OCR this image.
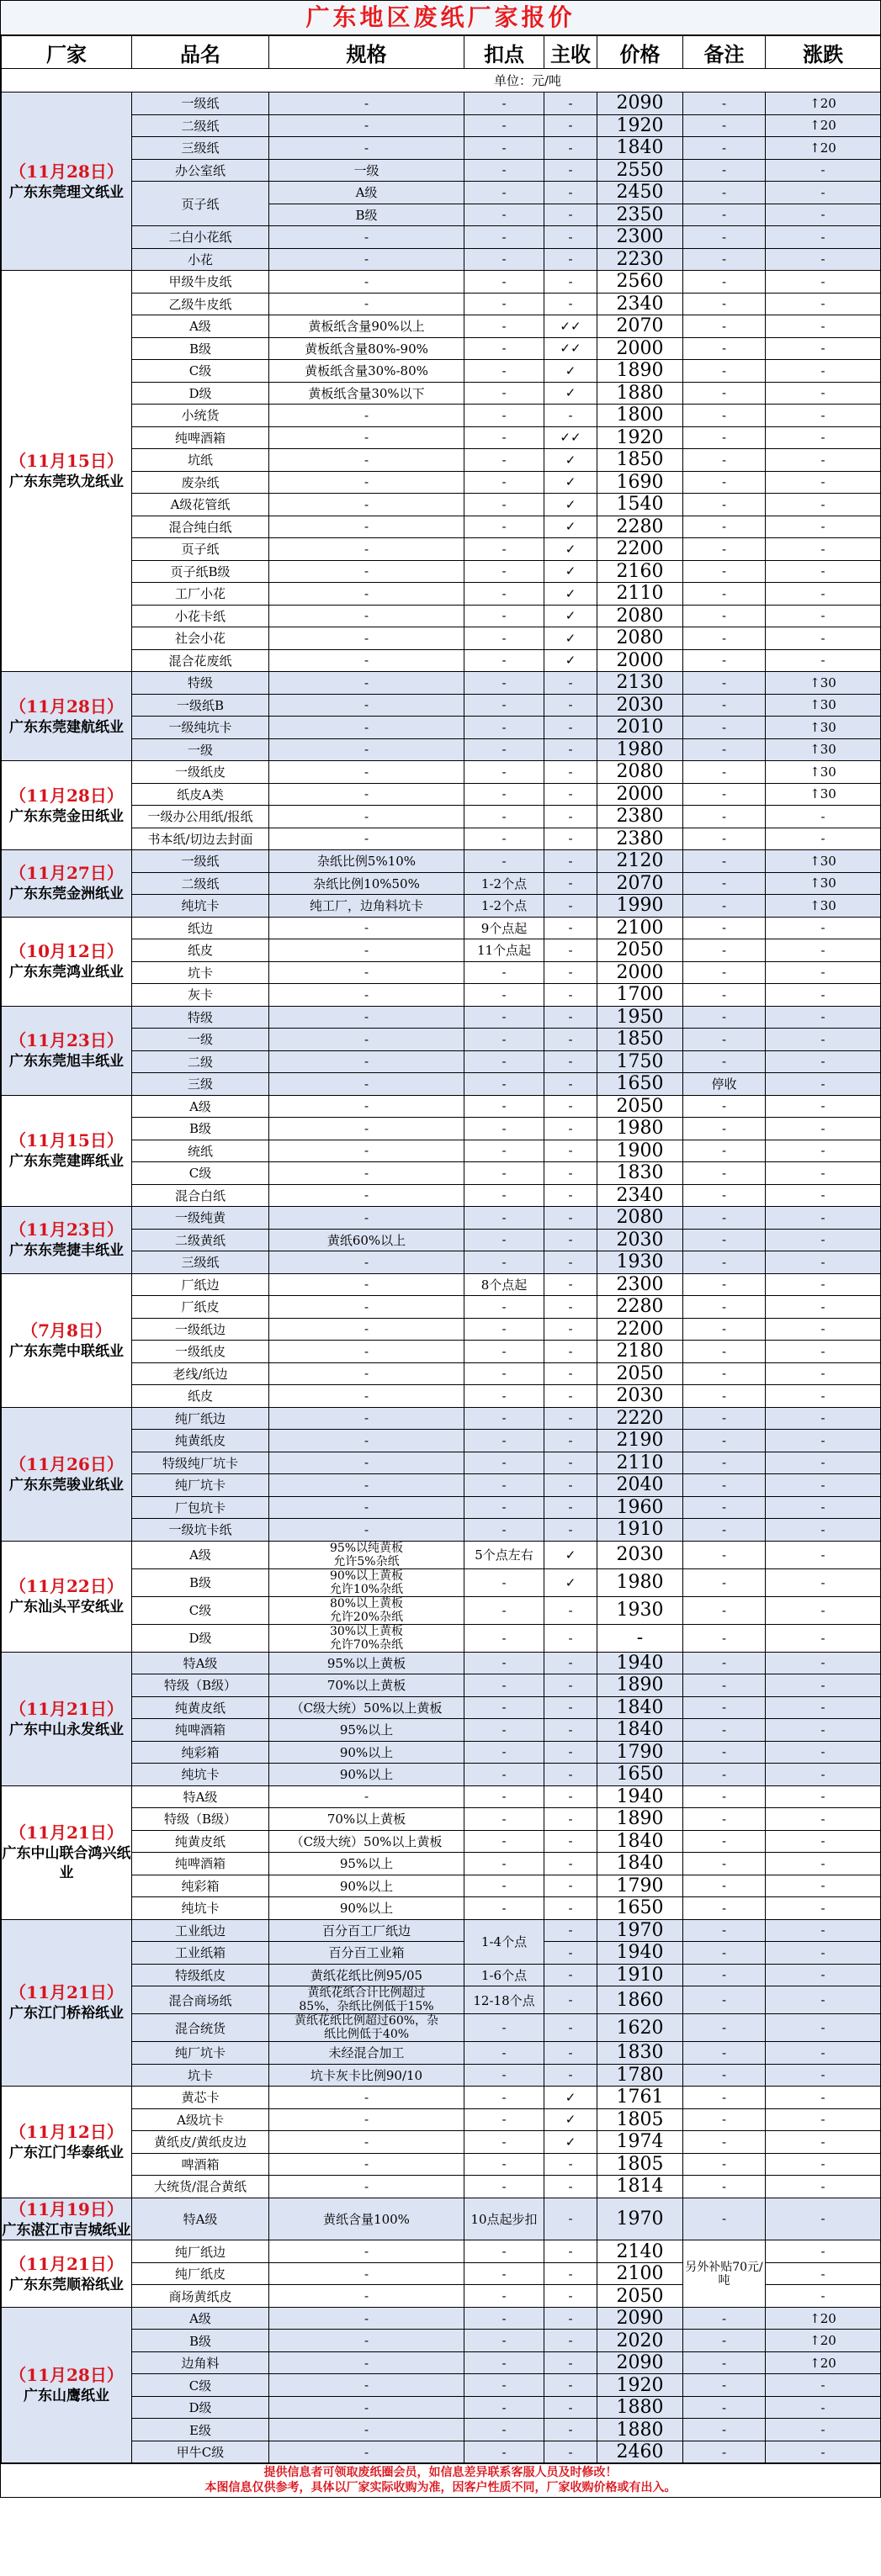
广东地区废纸厂家报价
厂家	品名	规格	扣点	主收	价格	备注	涨跌
单位：元/吨							

（11月28日）
广东东莞理文纸业	一级纸	-	-	-	2090	-	↑20
	二级纸	-	-	-	1920	-	↑20
	三级纸	-	-	-	1840	-	↑20
	办公室纸	一级	-	-	2550	-	-
	页子纸	A级	-	-	2450	-	-
		B级	-	-	2350	-	-
	二白小花纸	-	-	-	2300	-	-
	小花	-	-	-	2230	-	-

（11月15日）
广东东莞玖龙纸业	甲级牛皮纸	-	-	-	2560	-	-
	乙级牛皮纸	-	-	-	2340	-	-
	A级	黄板纸含量90%以上	-	✓✓	2070	-	-
	B级	黄板纸含量80%-90%	-	✓✓	2000	-	-
	C级	黄板纸含量30%-80%	-	✓	1890	-	-
	D级	黄板纸含量30%以下	-	✓	1880	-	-
	小统货	-	-	-	1800	-	-
	纯啤酒箱	-	-	✓✓	1920	-	-
	坑纸	-	-	✓	1850	-	-
	废杂纸	-	-	✓	1690	-	-
	A级花管纸	-	-	✓	1540	-	-
	混合纯白纸	-	-	✓	2280	-	-
	页子纸	-	-	✓	2200	-	-
	页子纸B级	-	-	✓	2160	-	-
	工厂小花	-	-	✓	2110	-	-
	小花卡纸	-	-	✓	2080	-	-
	社会小花	-	-	✓	2080	-	-
	混合花废纸	-	-	✓	2000	-	-

（11月28日）
广东东莞建航纸业	特级	-	-	-	2130	-	↑30
	一级纸B	-	-	-	2030	-	↑30
	一级纯坑卡	-	-	-	2010	-	↑30
	一级	-	-	-	1980	-	↑30

（11月28日）
广东东莞金田纸业	一级纸皮	-	-	-	2080	-	↑30
	纸皮A类	-	-	-	2000	-	↑30
	一级办公用纸/报纸	-	-	-	2380	-	-
	书本纸/切边去封面	-	-	-	2380	-	-

（11月27日）
广东东莞金洲纸业	一级纸	杂纸比例5%10%	-	-	2120	-	↑30
	二级纸	杂纸比例10%50%	1-2个点	-	2070	-	↑30
	纯坑卡	纯工厂，边角料坑卡	1-2个点	-	1990	-	↑30

（10月12日）
广东东莞鸿业纸业	纸边	-	9个点起	-	2100	-	-
	纸皮	-	11个点起	-	2050	-	-
	坑卡	-	-	-	2000	-	-
	灰卡	-	-	-	1700	-	-

（11月23日）
广东东莞旭丰纸业	特级	-	-	-	1950	-	-
	一级	-	-	-	1850	-	-
	二级	-	-	-	1750	-	-
	三级	-	-	-	1650	停收	-

（11月15日）
广东东莞建晖纸业	A级	-	-	-	2050	-	-
	B级	-	-	-	1980	-	-
	统纸	-	-	-	1900	-	-
	C级	-	-	-	1830	-	-
	混合白纸	-	-	-	2340	-	-

（11月23日）
广东东莞捷丰纸业	一级纯黄	-	-	-	2080	-	-
	二级黄纸	黄纸60%以上	-	-	2030	-	-
	三级纸	-	-	-	1930	-	-

（7月8日）
广东东莞中联纸业	厂纸边	-	8个点起	-	2300	-	-
	厂纸皮	-	-	-	2280	-	-
	一级纸边	-	-	-	2200	-	-
	一级纸皮	-	-	-	2180	-	-
	老线/纸边	-	-	-	2050	-	-
	纸皮	-	-	-	2030	-	-

（11月26日）
广东东莞骏业纸业	纯厂纸边	-	-	-	2220	-	-
	纯黄纸皮	-	-	-	2190	-	-
	特级纯厂坑卡	-	-	-	2110	-	-
	纯厂坑卡	-	-	-	2040	-	-
	厂包坑卡	-	-	-	1960	-	-
	一级坑卡纸	-	-	-	1910	-	-

（11月22日）
广东汕头平安纸业	A级	95%以纯黄板
允许5%杂纸	5个点左右	✓	2030	-	-
	B级	90%以上黄板
允许10%杂纸	-	✓	1980	-	-
	C级	80%以上黄板
允许20%杂纸	-	-	1930	-	-
	D级	30%以上黄板
允许70%杂纸	-	-	-	-	-

（11月21日）
广东中山永发纸业	特A级	95%以上黄板	-	-	1940	-	-
	特级（B级）	70%以上黄板	-	-	1890	-	-
	纯黄皮纸	（C级大统）50%以上黄板	-	-	1840	-	-
	纯啤酒箱	95%以上	-	-	1840	-	-
	纯彩箱	90%以上	-	-	1790	-	-
	纯坑卡	90%以上	-	-	1650	-	-

（11月21日）
广东中山联合鸿兴纸业	特A级	-	-	-	1940	-	-
	特级（B级）	70%以上黄板	-	-	1890	-	-
	纯黄皮纸	（C级大统）50%以上黄板	-	-	1840	-	-
	纯啤酒箱	95%以上	-	-	1840	-	-
	纯彩箱	90%以上	-	-	1790	-	-
	纯坑卡	90%以上	-	-	1650	-	-

（11月21日）
广东江门桥裕纸业	工业纸边	百分百工厂纸边	1-4个点	-	1970	-	-
	工业纸箱	百分百工业箱		-	1940	-	-
	特级纸皮	黄纸花纸比例95/05	1-6个点	-	1910	-	-
	混合商场纸	黄纸花纸合计比例超过
85%，杂纸比例低于15%	12-18个点	-	1860	-	-
	混合统货	黄纸花纸比例超过60%，杂
纸比例低于40%	-	-	1620	-	-
	纯厂坑卡	未经混合加工	-	-	1830	-	-
	坑卡	坑卡灰卡比例90/10	-	-	1780	-	-

（11月12日）
广东江门华泰纸业	黄芯卡	-	-	✓	1761	-	-
	A级坑卡	-	-	✓	1805	-	-
	黄纸皮/黄纸皮边	-	-	✓	1974	-	-
	啤酒箱	-	-	-	1805	-	-
	大统货/混合黄纸	-	-	-	1814	-	-

（11月19日）
广东湛江市吉城纸业	特A级	黄纸含量100%	10点起步扣	-	1970	-	-

（11月21日）
广东东莞顺裕纸业	纯厂纸边	-	-	-	2140	另外补贴70元/吨	-
	纯厂纸皮	-	-	-	2100		-
	商场黄纸皮	-	-	-	2050		-

（11月28日）
广东山鹰纸业	A级	-	-	-	2090	-	↑20
	B级	-	-	-	2020	-	↑20
	边角料	-	-	-	2090	-	↑20
	C级	-	-	-	1920	-	-
	D级	-	-	-	1880	-	-
	E级	-	-	-	1880	-	-
	甲牛C级	-	-	-	2460	-	-
提供信息者可领取废纸圈会员，如信息差异联系客服人员及时修改！
本图信息仅供参考，具体以厂家实际收购为准，因客户性质不同，厂家收购价格或有出入。
